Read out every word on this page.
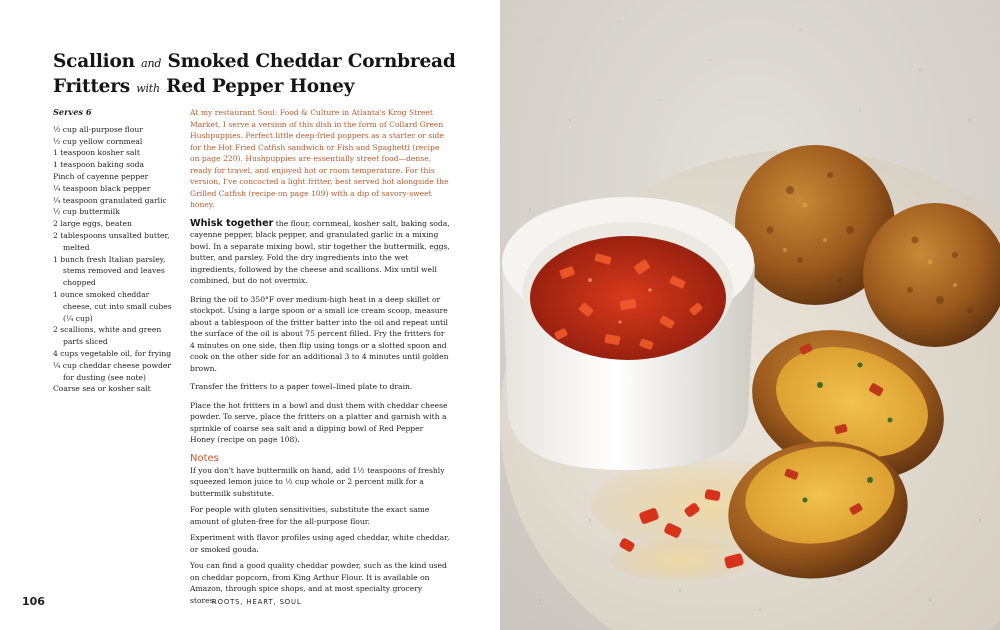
Scallion and Smoked Cheddar Cornbread
Fritters with Red Pepper Honey
Serves 6
½ cup all-purpose flour
½ cup yellow cornmeal
1 teaspoon kosher salt
1 teaspoon baking soda
Pinch of cayenne pepper
¼ teaspoon black pepper
¼ teaspoon granulated garlic
½ cup buttermilk
2 large eggs, beaten
2 tablespoons unsalted butter, melted
1 bunch fresh Italian parsley, stems removed and leaves chopped
1 ounce smoked cheddar cheese, cut into small cubes (¼ cup)
2 scallions, white and green parts sliced
4 cups vegetable oil, for frying
¼ cup cheddar cheese powder for dusting (see note)
Coarse sea or kosher salt

At my restaurant Soul: Food & Culture in Atlanta's Krog Street Market, I serve a version of this dish in the form of Collard Green Hushpuppies. Perfect little deep-fried poppers as a starter or side for the Hot Fried Catfish sandwich or Fish and Spaghetti (recipe on page 220). Hushpuppies are essentially street food—dense, ready for travel, and enjoyed hot or room temperature. For this version, I've concocted a light fritter, best served hot alongside the Grilled Catfish (recipe on page 109) with a dip of savory-sweet honey.

Whisk together the flour, cornmeal, kosher salt, baking soda, cayenne pepper, black pepper, and granulated garlic in a mixing bowl. In a separate mixing bowl, stir together the buttermilk, eggs, butter, and parsley. Fold the dry ingredients into the wet ingredients, followed by the cheese and scallions. Mix until well combined, but do not overmix.

Bring the oil to 350°F over medium-high heat in a deep skillet or stockpot. Using a large spoon or a small ice cream scoop, measure about a tablespoon of the fritter batter into the oil and repeat until the surface of the oil is about 75 percent filled. Fry the fritters for 4 minutes on one side, then flip using tongs or a slotted spoon and cook on the other side for an additional 3 to 4 minutes until golden brown.

Transfer the fritters to a paper towel–lined plate to drain.

Place the hot fritters in a bowl and dust them with cheddar cheese powder. To serve, place the fritters on a platter and garnish with a sprinkle of coarse sea salt and a dipping bowl of Red Pepper Honey (recipe on page 108).

Notes

If you don't have buttermilk on hand, add 1½ teaspoons of freshly squeezed lemon juice to ½ cup whole or 2 percent milk for a buttermilk substitute.

For people with gluten sensitivities, substitute the exact same amount of gluten-free for the all-purpose flour.

Experiment with flavor profiles using aged cheddar, white cheddar, or smoked gouda.

You can find a good quality cheddar powder, such as the kind used on cheddar popcorn, from King Arthur Flour. It is available on Amazon, through spice shops, and at most specialty grocery stores.

106	ROOTS, HEART, SOUL
